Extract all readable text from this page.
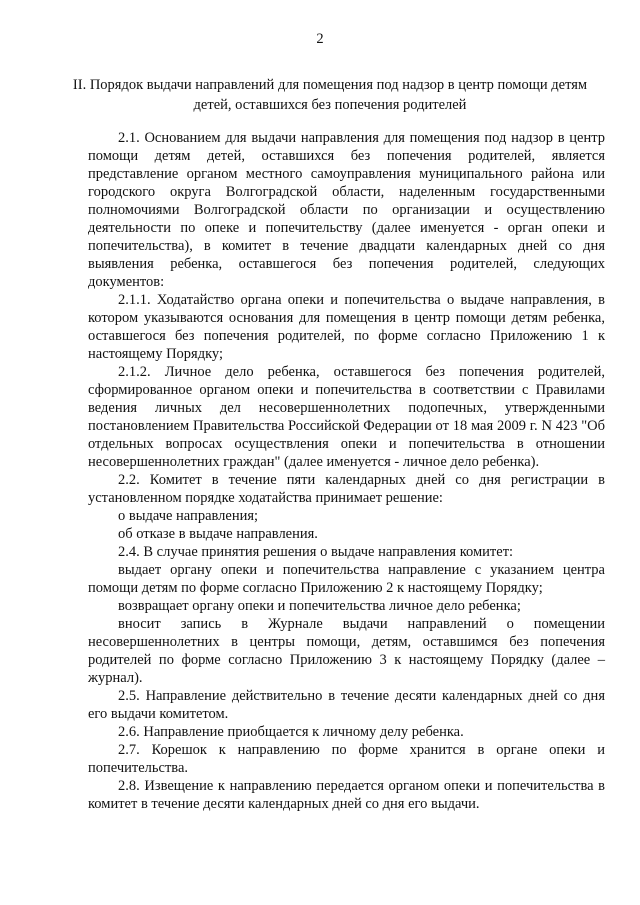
2
II. Порядок выдачи направлений для помещения под надзор в центр помощи детям детей, оставшихся без попечения родителей

2.1. Основанием для выдачи направления для помещения под надзор в центр помощи детям детей, оставшихся без попечения родителей, является представление органом местного самоуправления муниципального района или городского округа Волгоградской области, наделенным государственными полномочиями Волгоградской области по организации и осуществлению деятельности по опеке и попечительству (далее именуется - орган опеки и попечительства), в комитет в течение двадцати календарных дней со дня выявления ребенка, оставшегося без попечения родителей, следующих документов:

2.1.1. Ходатайство органа опеки и попечительства о выдаче направления, в котором указываются основания для помещения в центр помощи детям ребенка, оставшегося без попечения родителей, по форме согласно Приложению 1 к настоящему Порядку;

2.1.2. Личное дело ребенка, оставшегося без попечения родителей, сформированное органом опеки и попечительства в соответствии с Правилами ведения личных дел несовершеннолетних подопечных, утвержденными постановлением Правительства Российской Федерации от 18 мая 2009 г. N 423 "Об отдельных вопросах осуществления опеки и попечительства в отношении несовершеннолетних граждан" (далее именуется - личное дело ребенка).

2.2. Комитет в течение пяти календарных дней со дня регистрации в установленном порядке ходатайства принимает решение:

о выдаче направления;

об отказе в выдаче направления.

2.4. В случае принятия решения о выдаче направления комитет:

выдает органу опеки и попечительства направление с указанием центра помощи детям по форме согласно Приложению 2 к настоящему Порядку;

возвращает органу опеки и попечительства личное дело ребенка;

вносит запись в Журнале выдачи направлений о помещении несовершеннолетних в центры помощи, детям, оставшимся без попечения родителей по форме согласно Приложению 3 к настоящему Порядку (далее – журнал).

2.5. Направление действительно в течение десяти календарных дней со дня его выдачи комитетом.

2.6. Направление приобщается к личному делу ребенка.

2.7. Корешок к направлению по форме хранится в органе опеки и попечительства.

2.8. Извещение к направлению передается органом опеки и попечительства в комитет в течение десяти календарных дней со дня его выдачи.
